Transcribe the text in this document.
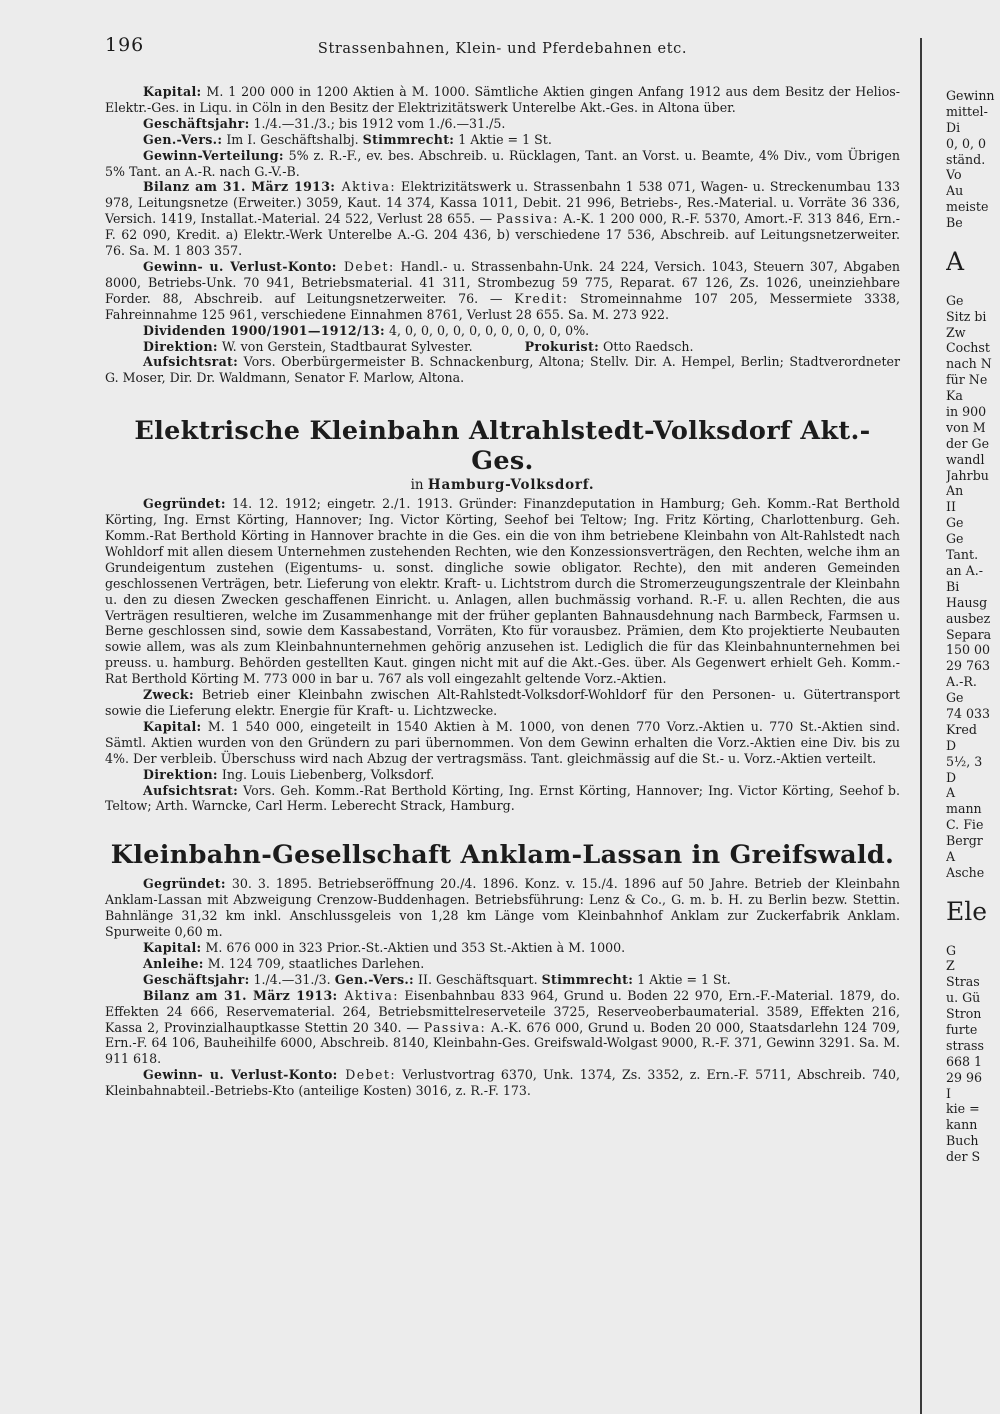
196	Strassenbahnen, Klein- und Pferdebahnen etc.

Kapital: M. 1 200 000 in 1200 Aktien à M. 1000. Sämtliche Aktien gingen Anfang 1912 aus dem Besitz der Helios-Elektr.-Ges. in Liqu. in Cöln in den Besitz der Elektrizitätswerk Unterelbe Akt.-Ges. in Altona über.

Geschäftsjahr: 1./4.—31./3.; bis 1912 vom 1./6.—31./5.

Gen.-Vers.: Im I. Geschäftshalbj. Stimmrecht: 1 Aktie = 1 St.

Gewinn-Verteilung: 5% z. R.-F., ev. bes. Abschreib. u. Rücklagen, Tant. an Vorst. u. Beamte, 4% Div., vom Übrigen 5% Tant. an A.-R. nach G.-V.-B.

Bilanz am 31. März 1913: Aktiva: Elektrizitätswerk u. Strassenbahn 1 538 071, Wagen- u. Streckenumbau 133 978, Leitungsnetze (Erweiter.) 3059, Kaut. 14 374, Kassa 1011, Debit. 21 996, Betriebs-, Res.-Material. u. Vorräte 36 336, Versich. 1419, Installat.-Material. 24 522, Verlust 28 655. — Passiva: A.-K. 1 200 000, R.-F. 5370, Amort.-F. 313 846, Ern.-F. 62 090, Kredit. a) Elektr.-Werk Unterelbe A.-G. 204 436, b) verschiedene 17 536, Abschreib. auf Leitungsnetzerweiter. 76. Sa. M. 1 803 357.

Gewinn- u. Verlust-Konto: Debet: Handl.- u. Strassenbahn-Unk. 24 224, Versich. 1043, Steuern 307, Abgaben 8000, Betriebs-Unk. 70 941, Betriebsmaterial. 41 311, Strombezug 59 775, Reparat. 67 126, Zs. 1026, uneinziehbare Forder. 88, Abschreib. auf Leitungsnetzerweiter. 76. — Kredit: Stromeinnahme 107 205, Messermiete 3338, Fahreinnahme 125 961, verschiedene Einnahmen 8761, Verlust 28 655. Sa. M. 273 922.

Dividenden 1900/1901—1912/13: 4, 0, 0, 0, 0, 0, 0, 0, 0, 0, 0, 0%.

Direktion: W. von Gerstein, Stadtbaurat Sylvester.	Prokurist: Otto Raedsch.

Aufsichtsrat: Vors. Oberbürgermeister B. Schnackenburg, Altona; Stellv. Dir. A. Hempel, Berlin; Stadtverordneter G. Moser, Dir. Dr. Waldmann, Senator F. Marlow, Altona.

Elektrische Kleinbahn Altrahlstedt-Volksdorf Akt.-Ges.
in Hamburg-Volksdorf.

Gegründet: 14. 12. 1912; eingetr. 2./1. 1913. Gründer: Finanzdeputation in Hamburg; Geh. Komm.-Rat Berthold Körting, Ing. Ernst Körting, Hannover; Ing. Victor Körting, Seehof bei Teltow; Ing. Fritz Körting, Charlottenburg. Geh. Komm.-Rat Berthold Körting in Hannover brachte in die Ges. ein die von ihm betriebene Kleinbahn von Alt-Rahlstedt nach Wohldorf mit allen diesem Unternehmen zustehenden Rechten, wie den Konzessionsverträgen, den Rechten, welche ihm an Grundeigentum zustehen (Eigentums- u. sonst. dingliche sowie obligator. Rechte), den mit anderen Gemeinden geschlossenen Verträgen, betr. Lieferung von elektr. Kraft- u. Lichtstrom durch die Stromerzeugungszentrale der Kleinbahn u. den zu diesen Zwecken geschaffenen Einricht. u. Anlagen, allen buchmässig vorhand. R.-F. u. allen Rechten, die aus Verträgen resultieren, welche im Zusammenhange mit der früher geplanten Bahnausdehnung nach Barmbeck, Farmsen u. Berne geschlossen sind, sowie dem Kassabestand, Vorräten, Kto für vorausbez. Prämien, dem Kto projektierte Neubauten sowie allem, was als zum Kleinbahnunternehmen gehörig anzusehen ist. Lediglich die für das Kleinbahnunternehmen bei preuss. u. hamburg. Behörden gestellten Kaut. gingen nicht mit auf die Akt.-Ges. über. Als Gegenwert erhielt Geh. Komm.-Rat Berthold Körting M. 773 000 in bar u. 767 als voll eingezahlt geltende Vorz.-Aktien.

Zweck: Betrieb einer Kleinbahn zwischen Alt-Rahlstedt-Volksdorf-Wohldorf für den Personen- u. Gütertransport sowie die Lieferung elektr. Energie für Kraft- u. Lichtzwecke.

Kapital: M. 1 540 000, eingeteilt in 1540 Aktien à M. 1000, von denen 770 Vorz.-Aktien u. 770 St.-Aktien sind. Sämtl. Aktien wurden von den Gründern zu pari übernommen. Von dem Gewinn erhalten die Vorz.-Aktien eine Div. bis zu 4%. Der verbleib. Überschuss wird nach Abzug der vertragsmäss. Tant. gleichmässig auf die St.- u. Vorz.-Aktien verteilt.

Direktion: Ing. Louis Liebenberg, Volksdorf.

Aufsichtsrat: Vors. Geh. Komm.-Rat Berthold Körting, Ing. Ernst Körting, Hannover; Ing. Victor Körting, Seehof b. Teltow; Arth. Warncke, Carl Herm. Leberecht Strack, Hamburg.

Kleinbahn-Gesellschaft Anklam-Lassan in Greifswald.

Gegründet: 30. 3. 1895. Betriebseröffnung 20./4. 1896. Konz. v. 15./4. 1896 auf 50 Jahre. Betrieb der Kleinbahn Anklam-Lassan mit Abzweigung Crenzow-Buddenhagen. Betriebsführung: Lenz & Co., G. m. b. H. zu Berlin bezw. Stettin. Bahnlänge 31,32 km inkl. Anschlussgeleis von 1,28 km Länge vom Kleinbahnhof Anklam zur Zuckerfabrik Anklam. Spurweite 0,60 m.

Kapital: M. 676 000 in 323 Prior.-St.-Aktien und 353 St.-Aktien à M. 1000.

Anleihe: M. 124 709, staatliches Darlehen.

Geschäftsjahr: 1./4.—31./3. Gen.-Vers.: II. Geschäftsquart. Stimmrecht: 1 Aktie = 1 St.

Bilanz am 31. März 1913: Aktiva: Eisenbahnbau 833 964, Grund u. Boden 22 970, Ern.-F.-Material. 1879, do. Effekten 24 666, Reservematerial. 264, Betriebsmittelreserveteile 3725, Reserveoberbaumaterial. 3589, Effekten 216, Kassa 2, Provinzialhauptkasse Stettin 20 340. — Passiva: A.-K. 676 000, Grund u. Boden 20 000, Staatsdarlehn 124 709, Ern.-F. 64 106, Bauheihilfe 6000, Abschreib. 8140, Kleinbahn-Ges. Greifswald-Wolgast 9000, R.-F. 371, Gewinn 3291. Sa. M. 911 618.

Gewinn- u. Verlust-Konto: Debet: Verlustvortrag 6370, Unk. 1374, Zs. 3352, z. Ern.-F. 5711, Abschreib. 740, Kleinbahnabteil.-Betriebs-Kto (anteilige Kosten) 3016, z. R.-F. 173.

Gewinn
mittel-
Di
0, 0, 0
ständ.
Vo
Au
meiste
Be
A
Ge
Sitz bi
Zw
Cochst
nach N
für Ne
Ka
in 900
von M
der Ge
wandl
Jahrbu
An
II
Ge
Ge
Tant.
an A.-
Bi
Hausg
ausbez
Separa
150 00
29 763
A.-R.
Ge
74 033
Kred
D
5½, 3
D
A
mann
C. Fie
Bergr
A
Asche
Ele
G
Z
Stras
u. Gü
Stron
furte
strass
668 1
29 96
I
kie =
kann
Buch
der S
